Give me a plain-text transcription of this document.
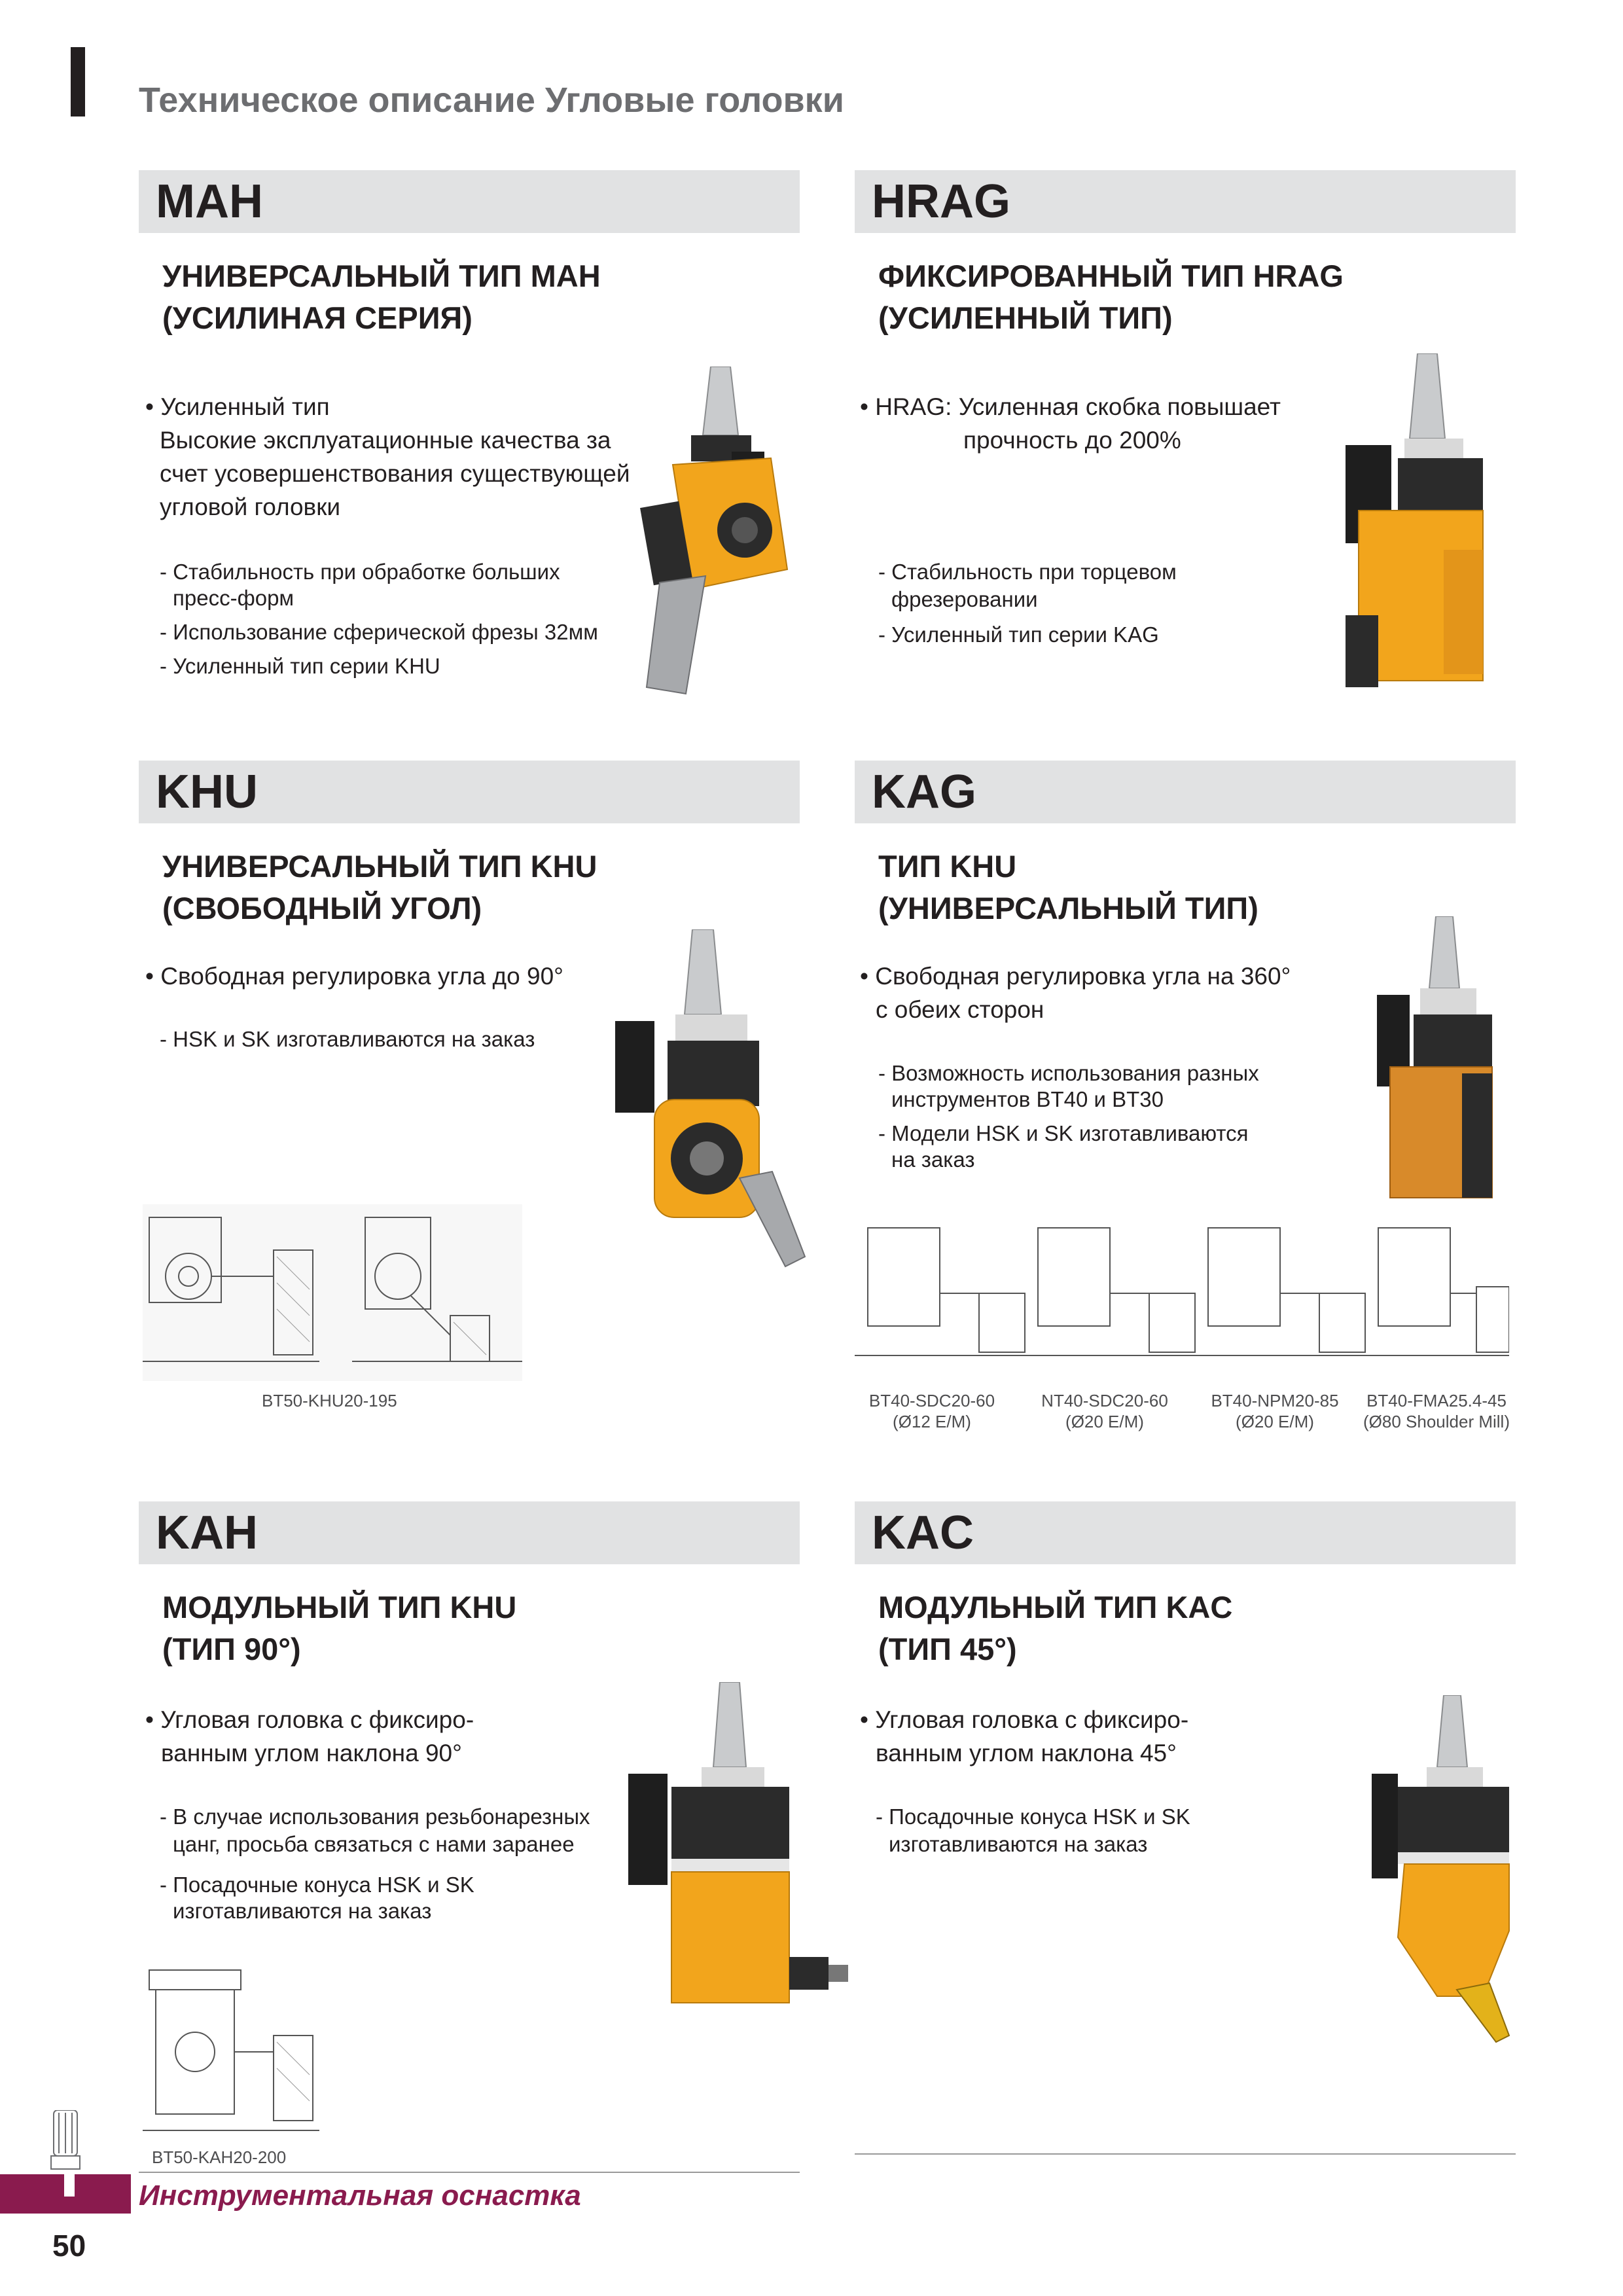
Техническое описание Угловые головки
MAH
УНИВЕРСАЛЬНЫЙ ТИП МАН
(УСИЛИНАЯ СЕРИЯ)
• Усиленный тип
Высокие эксплуатационные качества за
счет усовершенствования существующей
угловой головки
- Стабильность при обработке больших
пресс-форм
- Использование сферической фрезы 32мм
- Усиленный тип серии KHU
HRAG
ФИКСИРОВАННЫЙ ТИП HRAG
(УСИЛЕННЫЙ ТИП)
• HRAG: Усиленная скобка повышает
прочность до 200%
- Стабильность при торцевом
фрезеровании
- Усиленный тип серии KAG
KHU
УНИВЕРСАЛЬНЫЙ ТИП KHU
(СВОБОДНЫЙ УГОЛ)
• Свободная регулировка угла до 90°
- HSK и SK изготавливаются на заказ
BT50-KHU20-195
KAG
ТИП KHU
(УНИВЕРСАЛЬНЫЙ ТИП)
• Свободная регулировка угла на 360°
с обеих сторон
- Возможность использования разных
инструментов BT40 и BT30
- Модели HSK и SK изготавливаются
на заказ
BT40-SDC20-60
(Ø12 E/M)
NT40-SDC20-60
(Ø20 E/M)
BT40-NPM20-85
(Ø20 E/M)
BT40-FMA25.4-45
(Ø80 Shoulder Mill)
KAH
МОДУЛЬНЫЙ ТИП KHU
(ТИП 90°)
• Угловая головка с фиксиро-
ванным углом наклона 90°
- В случае использования резьбонарезных
цанг, просьба связаться с нами заранее
- Посадочные конуса HSK и SK
изготавливаются на заказ
BT50-KAH20-200
KAC
МОДУЛЬНЫЙ ТИП KAC
(ТИП 45°)
• Угловая головка с фиксиро-
ванным углом наклона 45°
- Посадочные конуса HSK и SK
изготавливаются на заказ
Инструментальная оснастка
50
